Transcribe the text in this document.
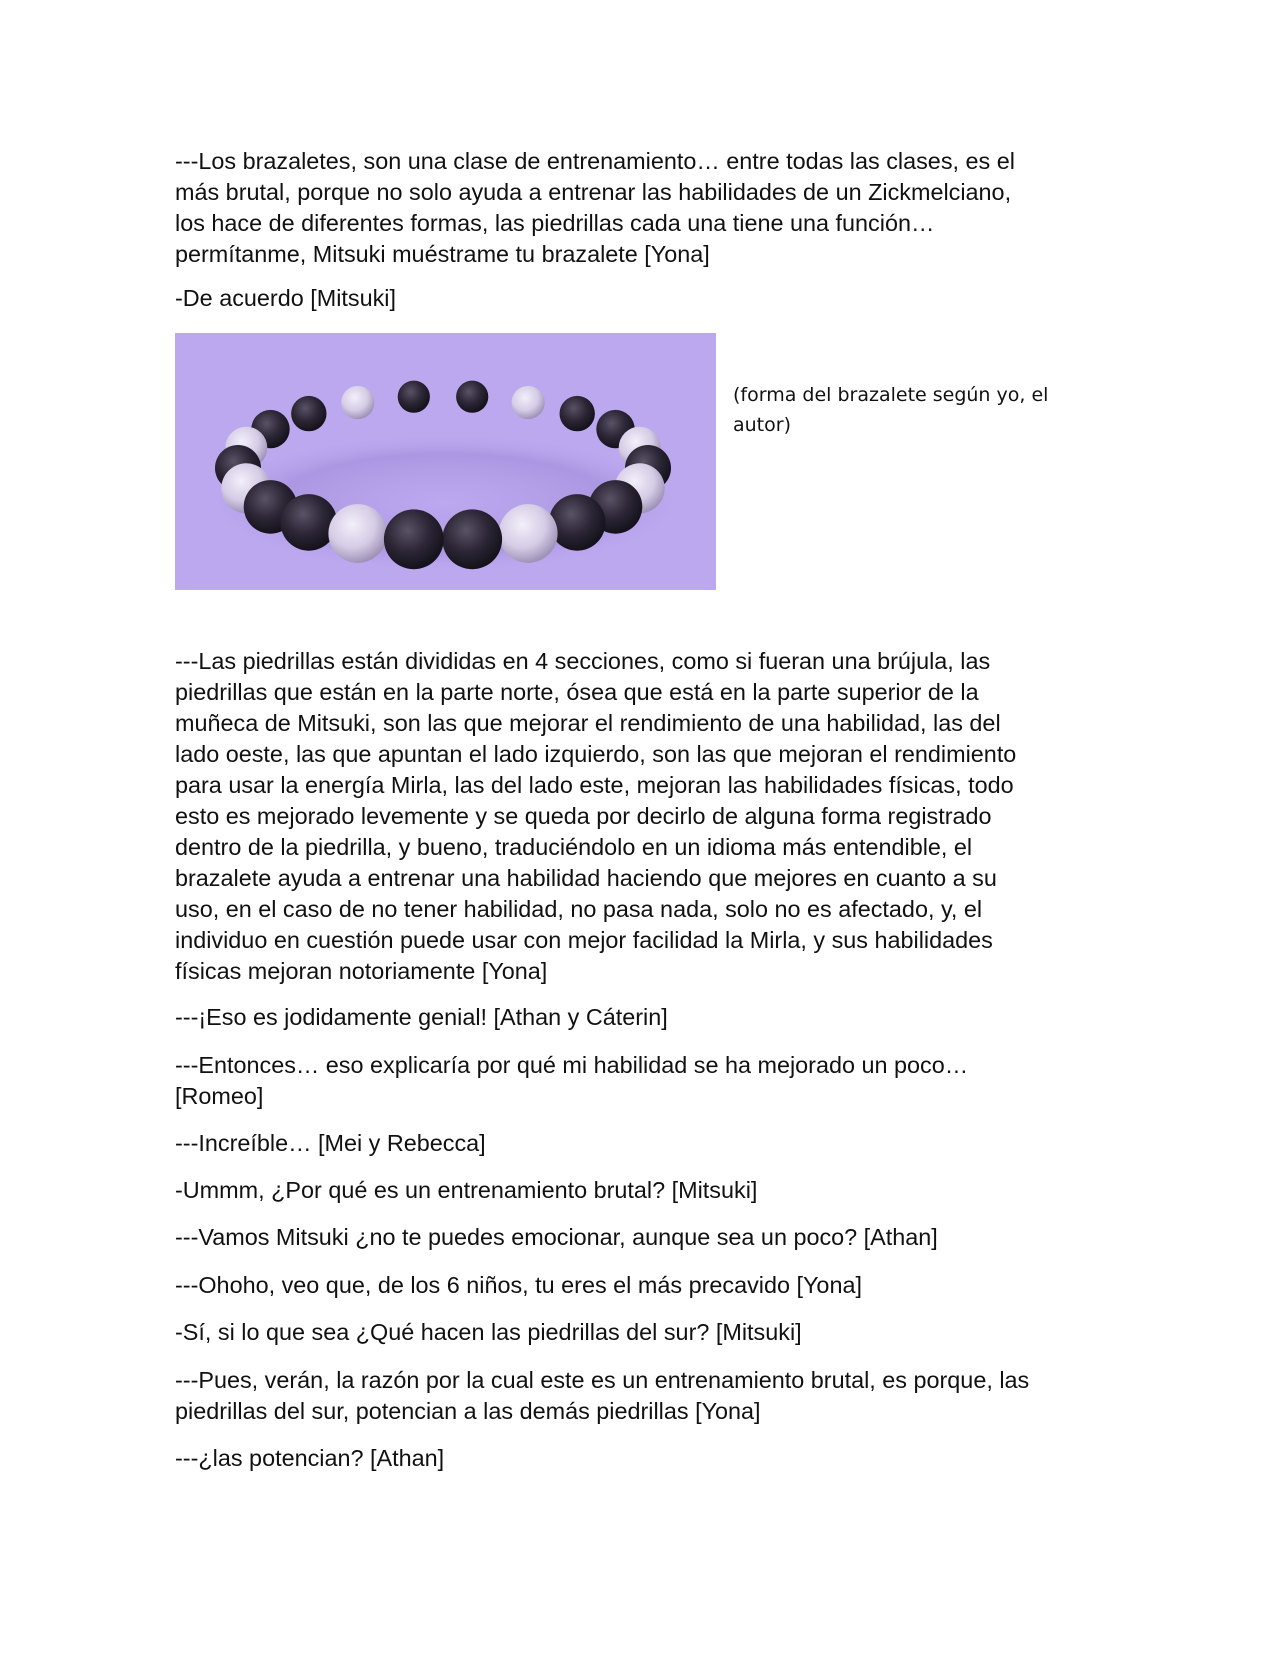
---Los brazaletes, son una clase de entrenamiento… entre todas las clases, es el
más brutal, porque no solo ayuda a entrenar las habilidades de un Zickmelciano,
los hace de diferentes formas, las piedrillas cada una tiene una función…
permítanme, Mitsuki muéstrame tu brazalete [Yona]

-De acuerdo [Mitsuki]

(forma del brazalete según yo, el autor)

---Las piedrillas están divididas en 4 secciones, como si fueran una brújula, las
piedrillas que están en la parte norte, ósea que está en la parte superior de la
muñeca de Mitsuki, son las que mejorar el rendimiento de una habilidad, las del
lado oeste, las que apuntan el lado izquierdo, son las que mejoran el rendimiento
para usar la energía Mirla, las del lado este, mejoran las habilidades físicas, todo
esto es mejorado levemente y se queda por decirlo de alguna forma registrado
dentro de la piedrilla, y bueno, traduciéndolo en un idioma más entendible, el
brazalete ayuda a entrenar una habilidad haciendo que mejores en cuanto a su
uso, en el caso de no tener habilidad, no pasa nada, solo no es afectado, y, el
individuo en cuestión puede usar con mejor facilidad la Mirla, y sus habilidades
físicas mejoran notoriamente [Yona]

---¡Eso es jodidamente genial! [Athan y Cáterin]

---Entonces… eso explicaría por qué mi habilidad se ha mejorado un poco…
[Romeo]

---Increíble… [Mei y Rebecca]

-Ummm, ¿Por qué es un entrenamiento brutal? [Mitsuki]

---Vamos Mitsuki ¿no te puedes emocionar, aunque sea un poco? [Athan]

---Ohoho, veo que, de los 6 niños, tu eres el más precavido [Yona]

-Sí, si lo que sea ¿Qué hacen las piedrillas del sur? [Mitsuki]

---Pues, verán, la razón por la cual este es un entrenamiento brutal, es porque, las
piedrillas del sur, potencian a las demás piedrillas [Yona]

---¿las potencian? [Athan]
